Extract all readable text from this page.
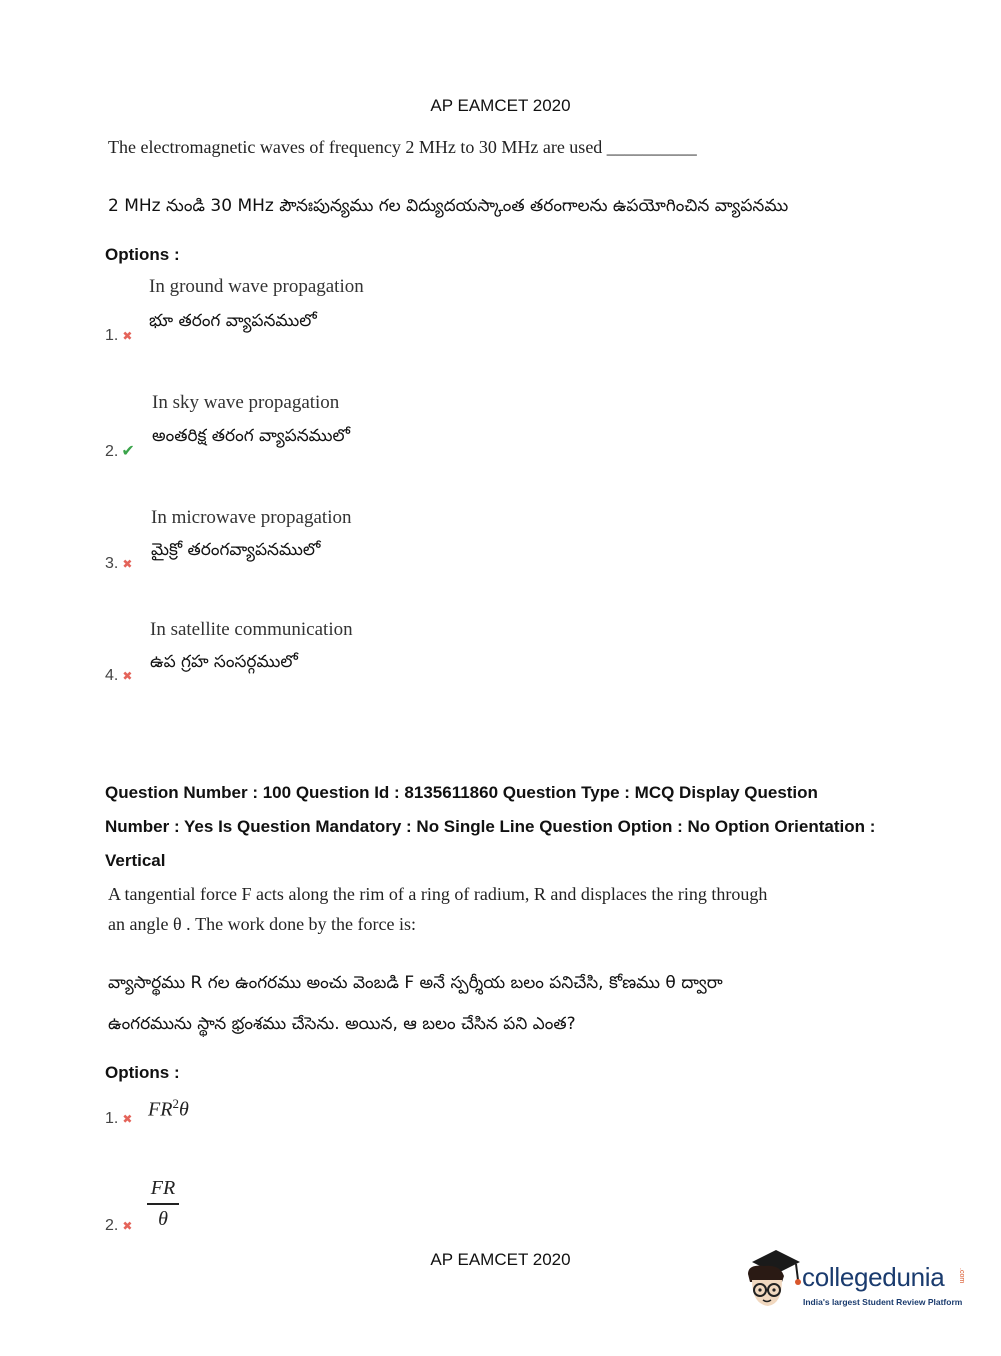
AP EAMCET 2020
The electromagnetic waves of frequency 2 MHz to 30 MHz are used __________
2 MHz నుండి 30 MHz పౌనఃపున్యము గల విద్యుదయస్కాంత తరంగాలను ఉపయోగించిన వ్యాపనము
Options :
In ground wave propagation
భూ తరంగ వ్యాపనములో
1. ✖
In sky wave propagation
అంతరిక్ష తరంగ వ్యాపనములో
2. ✔
In microwave propagation
మైక్రో తరంగవ్యాపనములో
3. ✖
In satellite communication
ఉప గ్రహ సంసర్గములో
4. ✖
Question Number : 100 Question Id : 8135611860 Question Type : MCQ Display Question Number : Yes Is Question Mandatory : No Single Line Question Option : No Option Orientation : Vertical
A tangential force F acts along the rim of a ring of radium, R and displaces the ring through
an angle θ . The work done by the force is:
వ్యాసార్థము R గల ఉంగరము అంచు వెంబడి F అనే స్పర్శీయ బలం పనిచేసి, కోణము θ ద్వారా
ఉంగరమును స్థాన భ్రంశము చేసెను. అయిన, ఆ బలం చేసిన పని ఎంత?
Options :
$FR^2\theta$
1. ✖
FR
θ
2. ✖
AP EAMCET 2020
collegedunia .com
India's largest Student Review Platform
